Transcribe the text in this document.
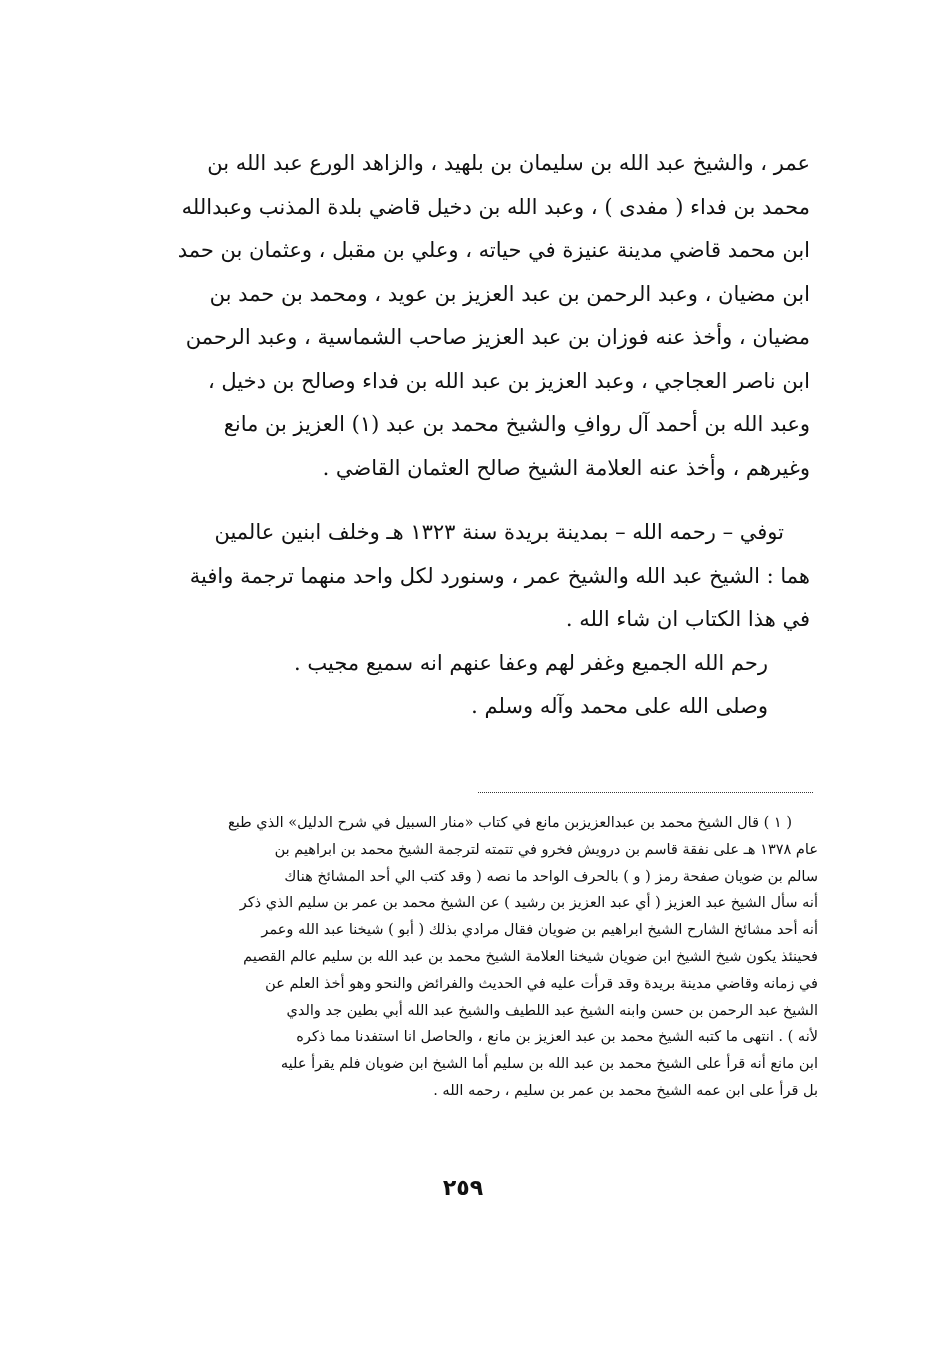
عمر ، والشيخ عبد الله بن سليمان بن بلهيد ، والزاهد الورع عبد الله بن
محمد بن فداء ( مفدى ) ، وعبد الله بن دخيل قاضي بلدة المذنب وعبدالله
ابن محمد قاضي مدينة عنيزة في حياته ، وعلي بن مقبل ، وعثمان بن حمد
ابن مضيان ، وعبد الرحمن بن عبد العزيز بن عويد ، ومحمد بن حمد بن
مضيان ، وأخذ عنه فوزان بن عبد العزيز صاحب الشماسية ، وعبد الرحمن
ابن ناصر العجاجي ، وعبد العزيز بن عبد الله بن فداء وصالح بن دخيل ،
وعبد الله بن أحمد آل روافِ والشيخ محمد بن عبد (١) العزيز بن مانع
وغيرهم ، وأخذ عنه العلامة الشيخ صالح العثمان القاضي .
توفي – رحمه الله – بمدينة بريدة سنة ١٣٢٣ هـ وخلف ابنين عالمين
هما : الشيخ عبد الله والشيخ عمر ، وسنورد لكل واحد منهما ترجمة وافية
في هذا الكتاب ان شاء الله .
رحم الله الجميع وغفر لهم وعفا عنهم انه سميع مجيب .
وصلى الله على محمد وآله وسلم .
( ١ ) قال الشيخ محمد بن عبدالعزيزبن مانع في كتاب «منار السبيل في شرح الدليل» الذي طبع
عام ١٣٧٨ هـ على نفقة قاسم بن درويش فخرو في تتمته لترجمة الشيخ محمد بن ابراهيم بن
سالم بن ضويان صفحة رمز ( و ) بالحرف الواحد ما نصه ( وقد كتب الي أحد المشائخ هناك
أنه سأل الشيخ عبد العزيز ( أي عبد العزيز بن رشيد ) عن الشيخ محمد بن عمر بن سليم الذي ذكر
أنه أحد مشائخ الشارح الشيخ ابراهيم بن ضويان فقال مرادي بذلك ( أبو ) شيخنا عبد الله وعمر
فحينئذ يكون شيخ الشيخ ابن ضويان شيخنا العلامة الشيخ محمد بن عبد الله بن سليم عالم القصيم
في زمانه وقاضي مدينة بريدة وقد قرأت عليه في الحديث والفرائض والنحو وهو أخذ العلم عن
الشيخ عبد الرحمن بن حسن وابنه الشيخ عبد اللطيف والشيخ عبد الله أبي بطين جد والدي
لأنه ) . انتهى ما كتبه الشيخ محمد بن عبد العزيز بن مانع ، والحاصل انا استفدنا مما ذكره
ابن مانع أنه قرأ على الشيخ محمد بن عبد الله بن سليم أما الشيخ ابن ضويان فلم يقرأ عليه
بل قرأ على ابن عمه الشيخ محمد بن عمر بن سليم ، رحمه الله .
٢٥٩
